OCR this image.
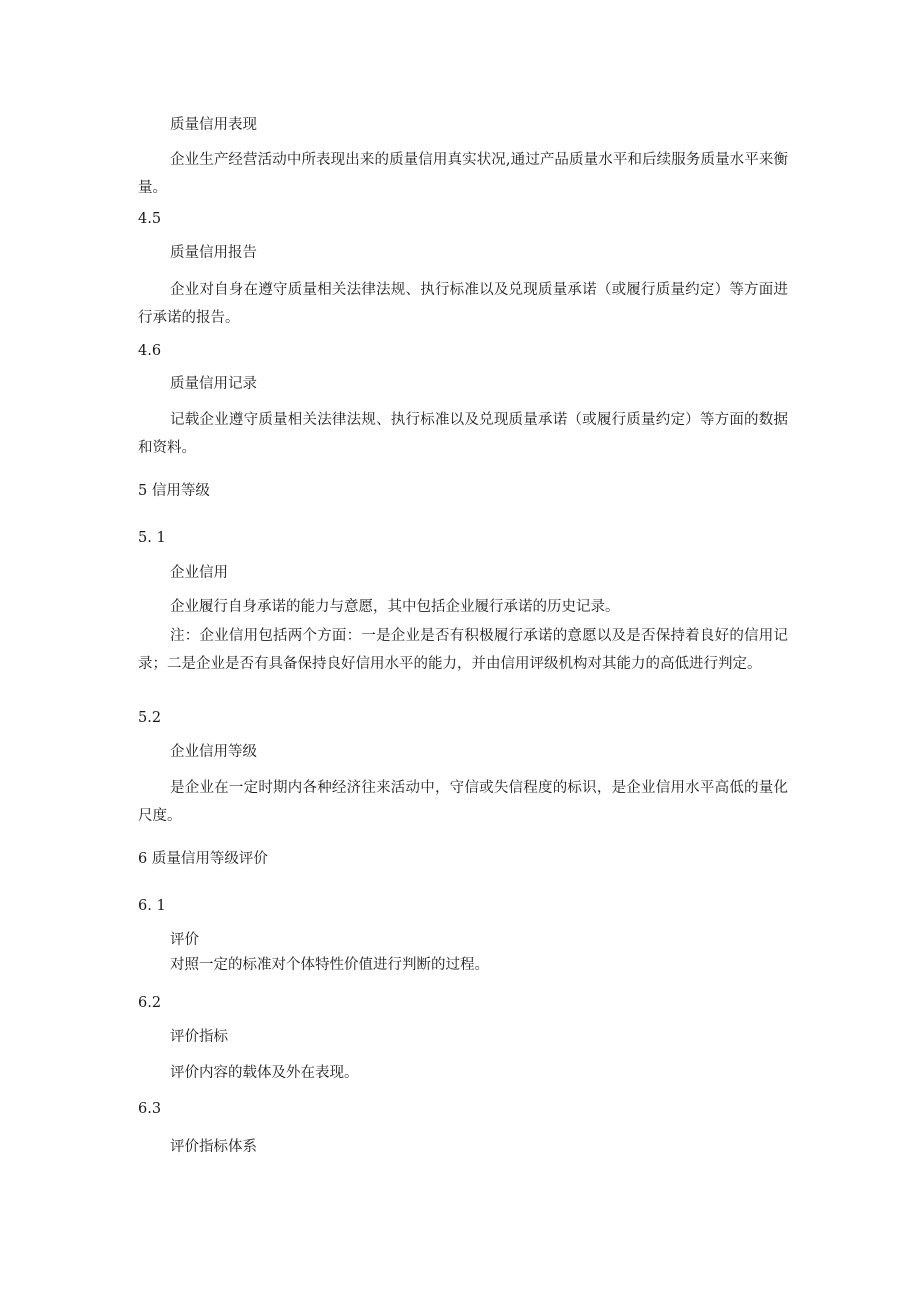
质量信用表现
企业生产经营活动中所表现出来的质量信用真实状况,通过产品质量水平和后续服务质量水平来衡量。
4.5
质量信用报告
企业对自身在遵守质量相关法律法规、执行标准以及兑现质量承诺（或履行质量约定）等方面进行承诺的报告。
4.6
质量信用记录
记载企业遵守质量相关法律法规、执行标准以及兑现质量承诺（或履行质量约定）等方面的数据和资料。
5 信用等级
5. 1
企业信用
企业履行自身承诺的能力与意愿，其中包括企业履行承诺的历史记录。
注：企业信用包括两个方面：一是企业是否有积极履行承诺的意愿以及是否保持着良好的信用记录；二是企业是否有具备保持良好信用水平的能力，并由信用评级机构对其能力的高低进行判定。
5.2
企业信用等级
是企业在一定时期内各种经济往来活动中，守信或失信程度的标识，是企业信用水平高低的量化尺度。
6 质量信用等级评价
6. 1
评价
对照一定的标准对个体特性价值进行判断的过程。
6.2
评价指标
评价内容的载体及外在表现。
6.3
评价指标体系
